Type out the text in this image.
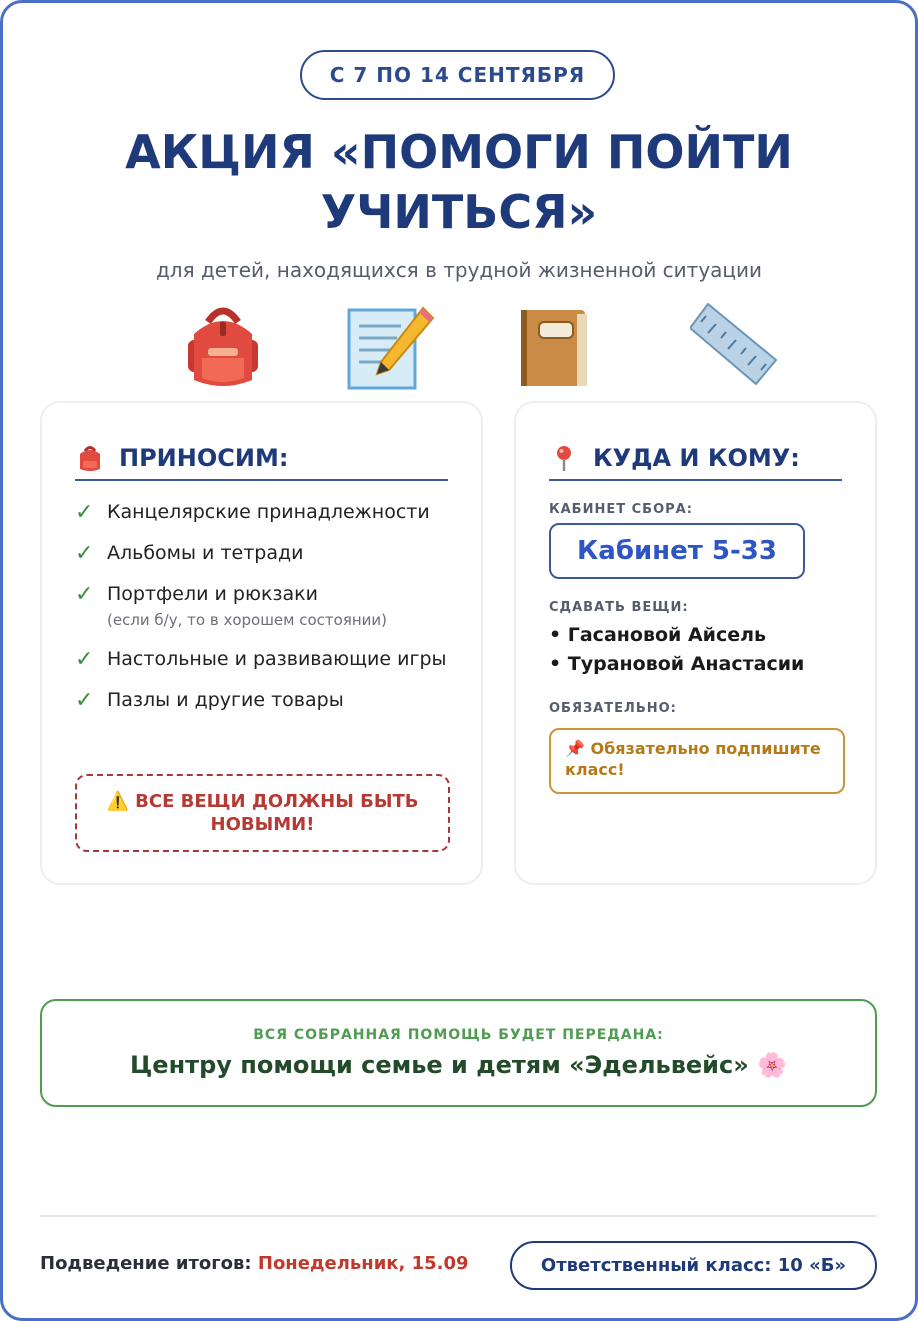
С 7 ПО 14 СЕНТЯБРЯ
АКЦИЯ «ПОМОГИ ПОЙТИ УЧИТЬСЯ»
для детей, находящихся в трудной жизненной ситуации
ПРИНОСИМ:
✓ Канцелярские принадлежности
✓ Альбомы и тетради
✓ Портфели и рюкзаки
(если б/у, то в хорошем состоянии)
✓ Настольные и развивающие игры
✓ Пазлы и другие товары
⚠️ ВСЕ ВЕЩИ ДОЛЖНЫ БЫТЬ НОВЫМИ!
КУДА И КОМУ:
КАБИНЕТ СБОРА:
Кабинет 5-33
СДАВАТЬ ВЕЩИ:
• Гасановой Айсель
• Турановой Анастасии
ОБЯЗАТЕЛЬНО:
📌 Обязательно подпишите класс!
ВСЯ СОБРАННАЯ ПОМОЩЬ БУДЕТ ПЕРЕДАНА:
Центру помощи семье и детям «Эдельвейс» 🌸
Подведение итогов: Понедельник, 15.09	Ответственный класс: 10 «Б»
